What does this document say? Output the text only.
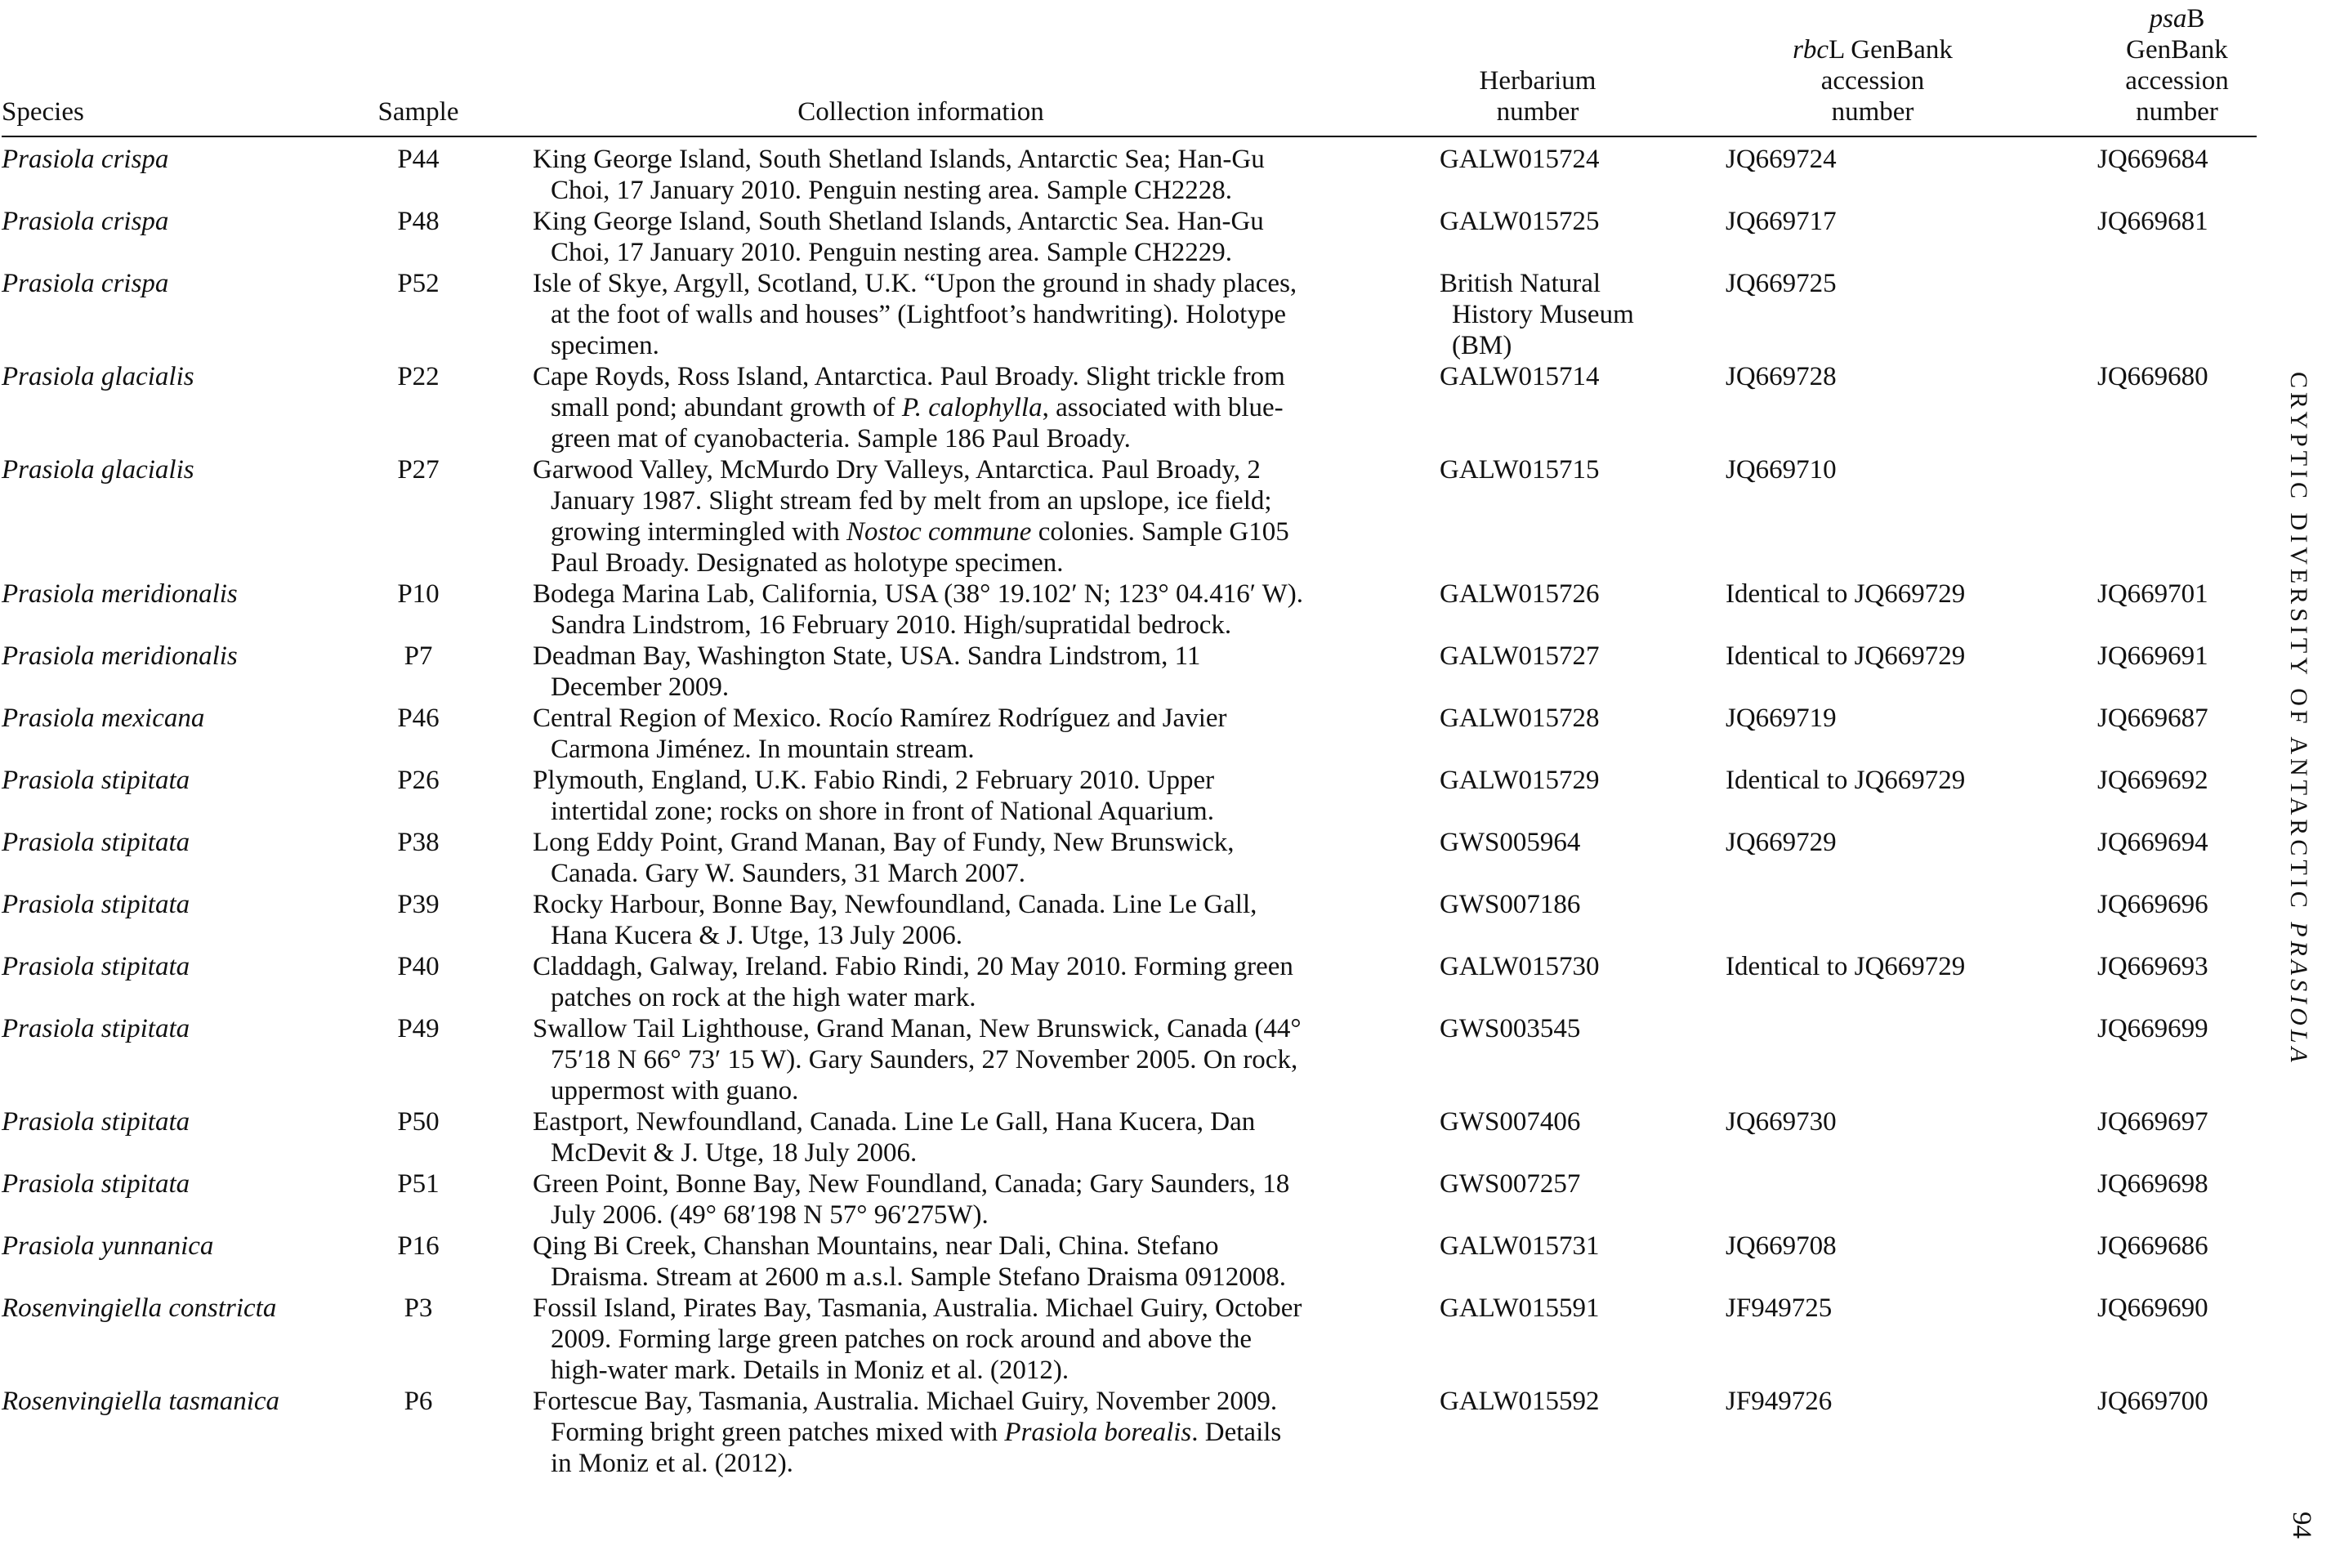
Species	Sample	Collection information	Herbarium number	rbcL GenBank accession number	psaB GenBank accession number
Prasiola crispa	P44	King George Island, South Shetland Islands, Antarctic Sea; Han-Gu Choi, 17 January 2010. Penguin nesting area. Sample CH2228.	GALW015724	JQ669724	JQ669684
Prasiola crispa	P48	King George Island, South Shetland Islands, Antarctic Sea. Han-Gu Choi, 17 January 2010. Penguin nesting area. Sample CH2229.	GALW015725	JQ669717	JQ669681
Prasiola crispa	P52	Isle of Skye, Argyll, Scotland, U.K. “Upon the ground in shady places, at the foot of walls and houses” (Lightfoot’s handwriting). Holotype specimen.	British Natural History Museum (BM)	JQ669725	
Prasiola glacialis	P22	Cape Royds, Ross Island, Antarctica. Paul Broady. Slight trickle from small pond; abundant growth of P. calophylla, associated with blue-green mat of cyanobacteria. Sample 186 Paul Broady.	GALW015714	JQ669728	JQ669680
Prasiola glacialis	P27	Garwood Valley, McMurdo Dry Valleys, Antarctica. Paul Broady, 2 January 1987. Slight stream fed by melt from an upslope, ice field; growing intermingled with Nostoc commune colonies. Sample G105 Paul Broady. Designated as holotype specimen.	GALW015715	JQ669710	
Prasiola meridionalis	P10	Bodega Marina Lab, California, USA (38° 19.102′ N; 123° 04.416′ W). Sandra Lindstrom, 16 February 2010. High/supratidal bedrock.	GALW015726	Identical to JQ669729	JQ669701
Prasiola meridionalis	P7	Deadman Bay, Washington State, USA. Sandra Lindstrom, 11 December 2009.	GALW015727	Identical to JQ669729	JQ669691
Prasiola mexicana	P46	Central Region of Mexico. Rocío Ramírez Rodríguez and Javier Carmona Jiménez. In mountain stream.	GALW015728	JQ669719	JQ669687
Prasiola stipitata	P26	Plymouth, England, U.K. Fabio Rindi, 2 February 2010. Upper intertidal zone; rocks on shore in front of National Aquarium.	GALW015729	Identical to JQ669729	JQ669692
Prasiola stipitata	P38	Long Eddy Point, Grand Manan, Bay of Fundy, New Brunswick, Canada. Gary W. Saunders, 31 March 2007.	GWS005964	JQ669729	JQ669694
Prasiola stipitata	P39	Rocky Harbour, Bonne Bay, Newfoundland, Canada. Line Le Gall, Hana Kucera & J. Utge, 13 July 2006.	GWS007186		JQ669696
Prasiola stipitata	P40	Claddagh, Galway, Ireland. Fabio Rindi, 20 May 2010. Forming green patches on rock at the high water mark.	GALW015730	Identical to JQ669729	JQ669693
Prasiola stipitata	P49	Swallow Tail Lighthouse, Grand Manan, New Brunswick, Canada (44° 75′18 N 66° 73′ 15 W). Gary Saunders, 27 November 2005. On rock, uppermost with guano.	GWS003545		JQ669699
Prasiola stipitata	P50	Eastport, Newfoundland, Canada. Line Le Gall, Hana Kucera, Dan McDevit & J. Utge, 18 July 2006.	GWS007406	JQ669730	JQ669697
Prasiola stipitata	P51	Green Point, Bonne Bay, New Foundland, Canada; Gary Saunders, 18 July 2006. (49° 68′198 N 57° 96′275W).	GWS007257		JQ669698
Prasiola yunnanica	P16	Qing Bi Creek, Chanshan Mountains, near Dali, China. Stefano Draisma. Stream at 2600 m a.s.l. Sample Stefano Draisma 0912008.	GALW015731	JQ669708	JQ669686
Rosenvingiella constricta	P3	Fossil Island, Pirates Bay, Tasmania, Australia. Michael Guiry, October 2009. Forming large green patches on rock around and above the high-water mark. Details in Moniz et al. (2012).	GALW015591	JF949725	JQ669690
Rosenvingiella tasmanica	P6	Fortescue Bay, Tasmania, Australia. Michael Guiry, November 2009. Forming bright green patches mixed with Prasiola borealis. Details in Moniz et al. (2012).	GALW015592	JF949726	JQ669700
CRYPTIC DIVERSITY OF ANTARCTIC PRASIOLA
94
